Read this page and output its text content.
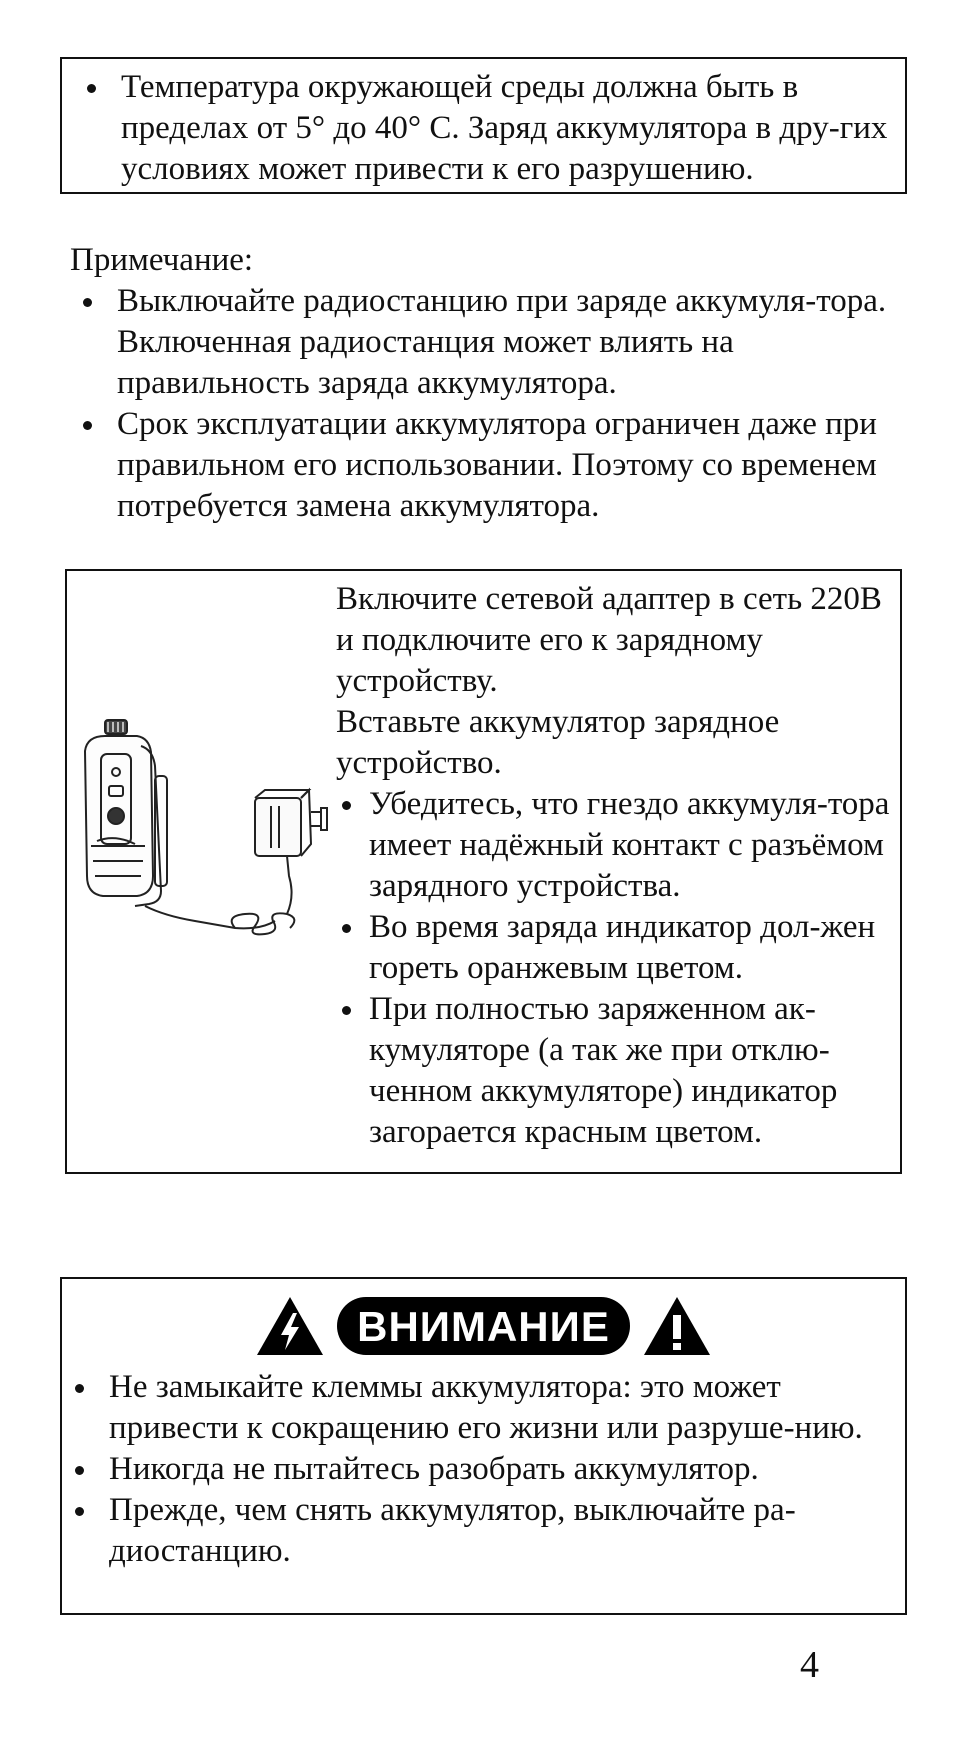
Температура окружающей среды должна быть в пределах от 5° до 40° С. Заряд аккумулятора в дру-гих условиях может привести к его разрушению.
Примечание:
Выключайте радиостанцию при заряде аккумуля-тора. Включенная радиостанция может влиять на правильность заряда аккумулятора.
Срок эксплуатации аккумулятора ограничен даже при правильном его использовании. Поэтому со временем потребуется замена аккумулятора.
Включите сетевой адаптер в сеть 220В и подключите его к зарядному устройству.
Вставьте аккумулятор зарядное устройство.
Убедитесь, что гнездо аккумуля-тора имеет надёжный контакт с разъёмом зарядного устройства.
Во время заряда индикатор дол-жен гореть оранжевым цветом.
При полностью заряженном ак-кумуляторе (а так же при отклю-ченном аккумуляторе) индикатор загорается красным цветом.
ВНИМАНИЕ
Не замыкайте клеммы аккумулятора: это может привести к сокращению его жизни или разруше-нию.
Никогда не пытайтесь разобрать аккумулятор.
Прежде, чем снять аккумулятор, выключайте ра-диостанцию.
4
